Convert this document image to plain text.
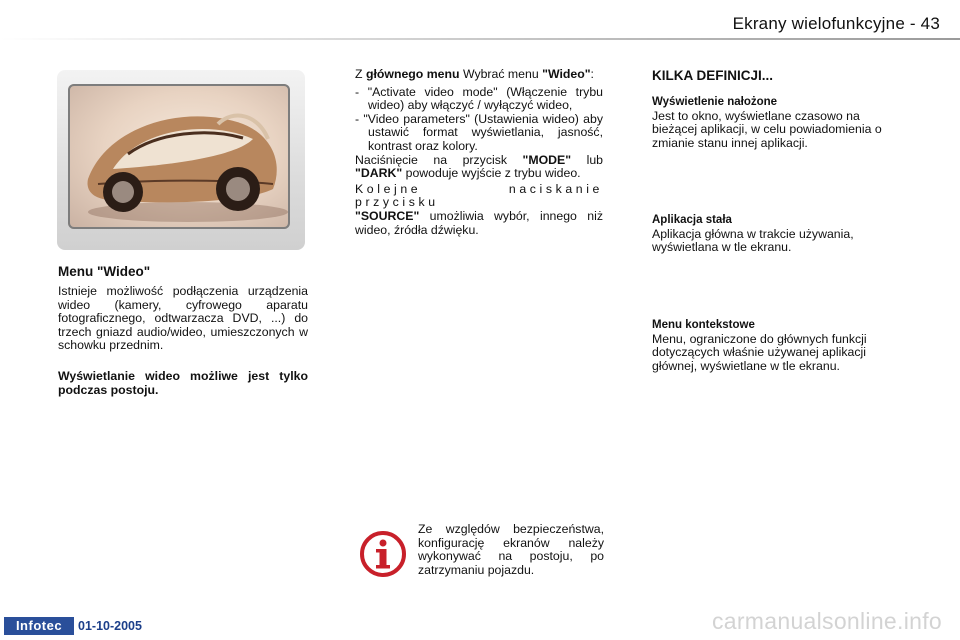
Ekrany wielofunkcyjne - 43
Menu "Wideo"
Istnieje możliwość podłączenia urządzenia wideo (kamery, cyfrowego aparatu fotograficznego, odtwarzacza DVD, ...) do trzech gniazd audio/wideo, umieszczonych w schowku przednim.
Wyświetlanie wideo możliwe jest tylko podczas postoju.

Z głównego menu Wybrać menu "Wideo":

- "Activate video mode" (Włączenie trybu wideo) aby włączyć / wyłączyć wideo,

- "Video parameters" (Ustawienia wideo) aby ustawić format wyświetlania, jasność, kontrast oraz kolory.

Naciśnięcie na przycisk "MODE" lub "DARK" powoduje wyjście z trybu wideo.

Kolejne naciskanie przycisku
"SOURCE" umożliwia wybór, innego niż wideo, źródła dźwięku.

KILKA DEFINICJI...

Wyświetlenie nałożone

Jest to okno, wyświetlane czasowo na bieżącej aplikacji, w celu powiadomienia o zmianie stanu innej aplikacji.

Aplikacja stała

Aplikacja główna w trakcie używania, wyświetlana w tle ekranu.

Menu kontekstowe

Menu, ograniczone do głównych funkcji dotyczących właśnie używanej aplikacji głównej, wyświetlane w tle ekranu.

Ze względów bezpieczeństwa, konfigurację ekranów należy wykonywać na postoju, po zatrzymaniu pojazdu.
Infotec	01-10-2005	carmanualsonline.info
